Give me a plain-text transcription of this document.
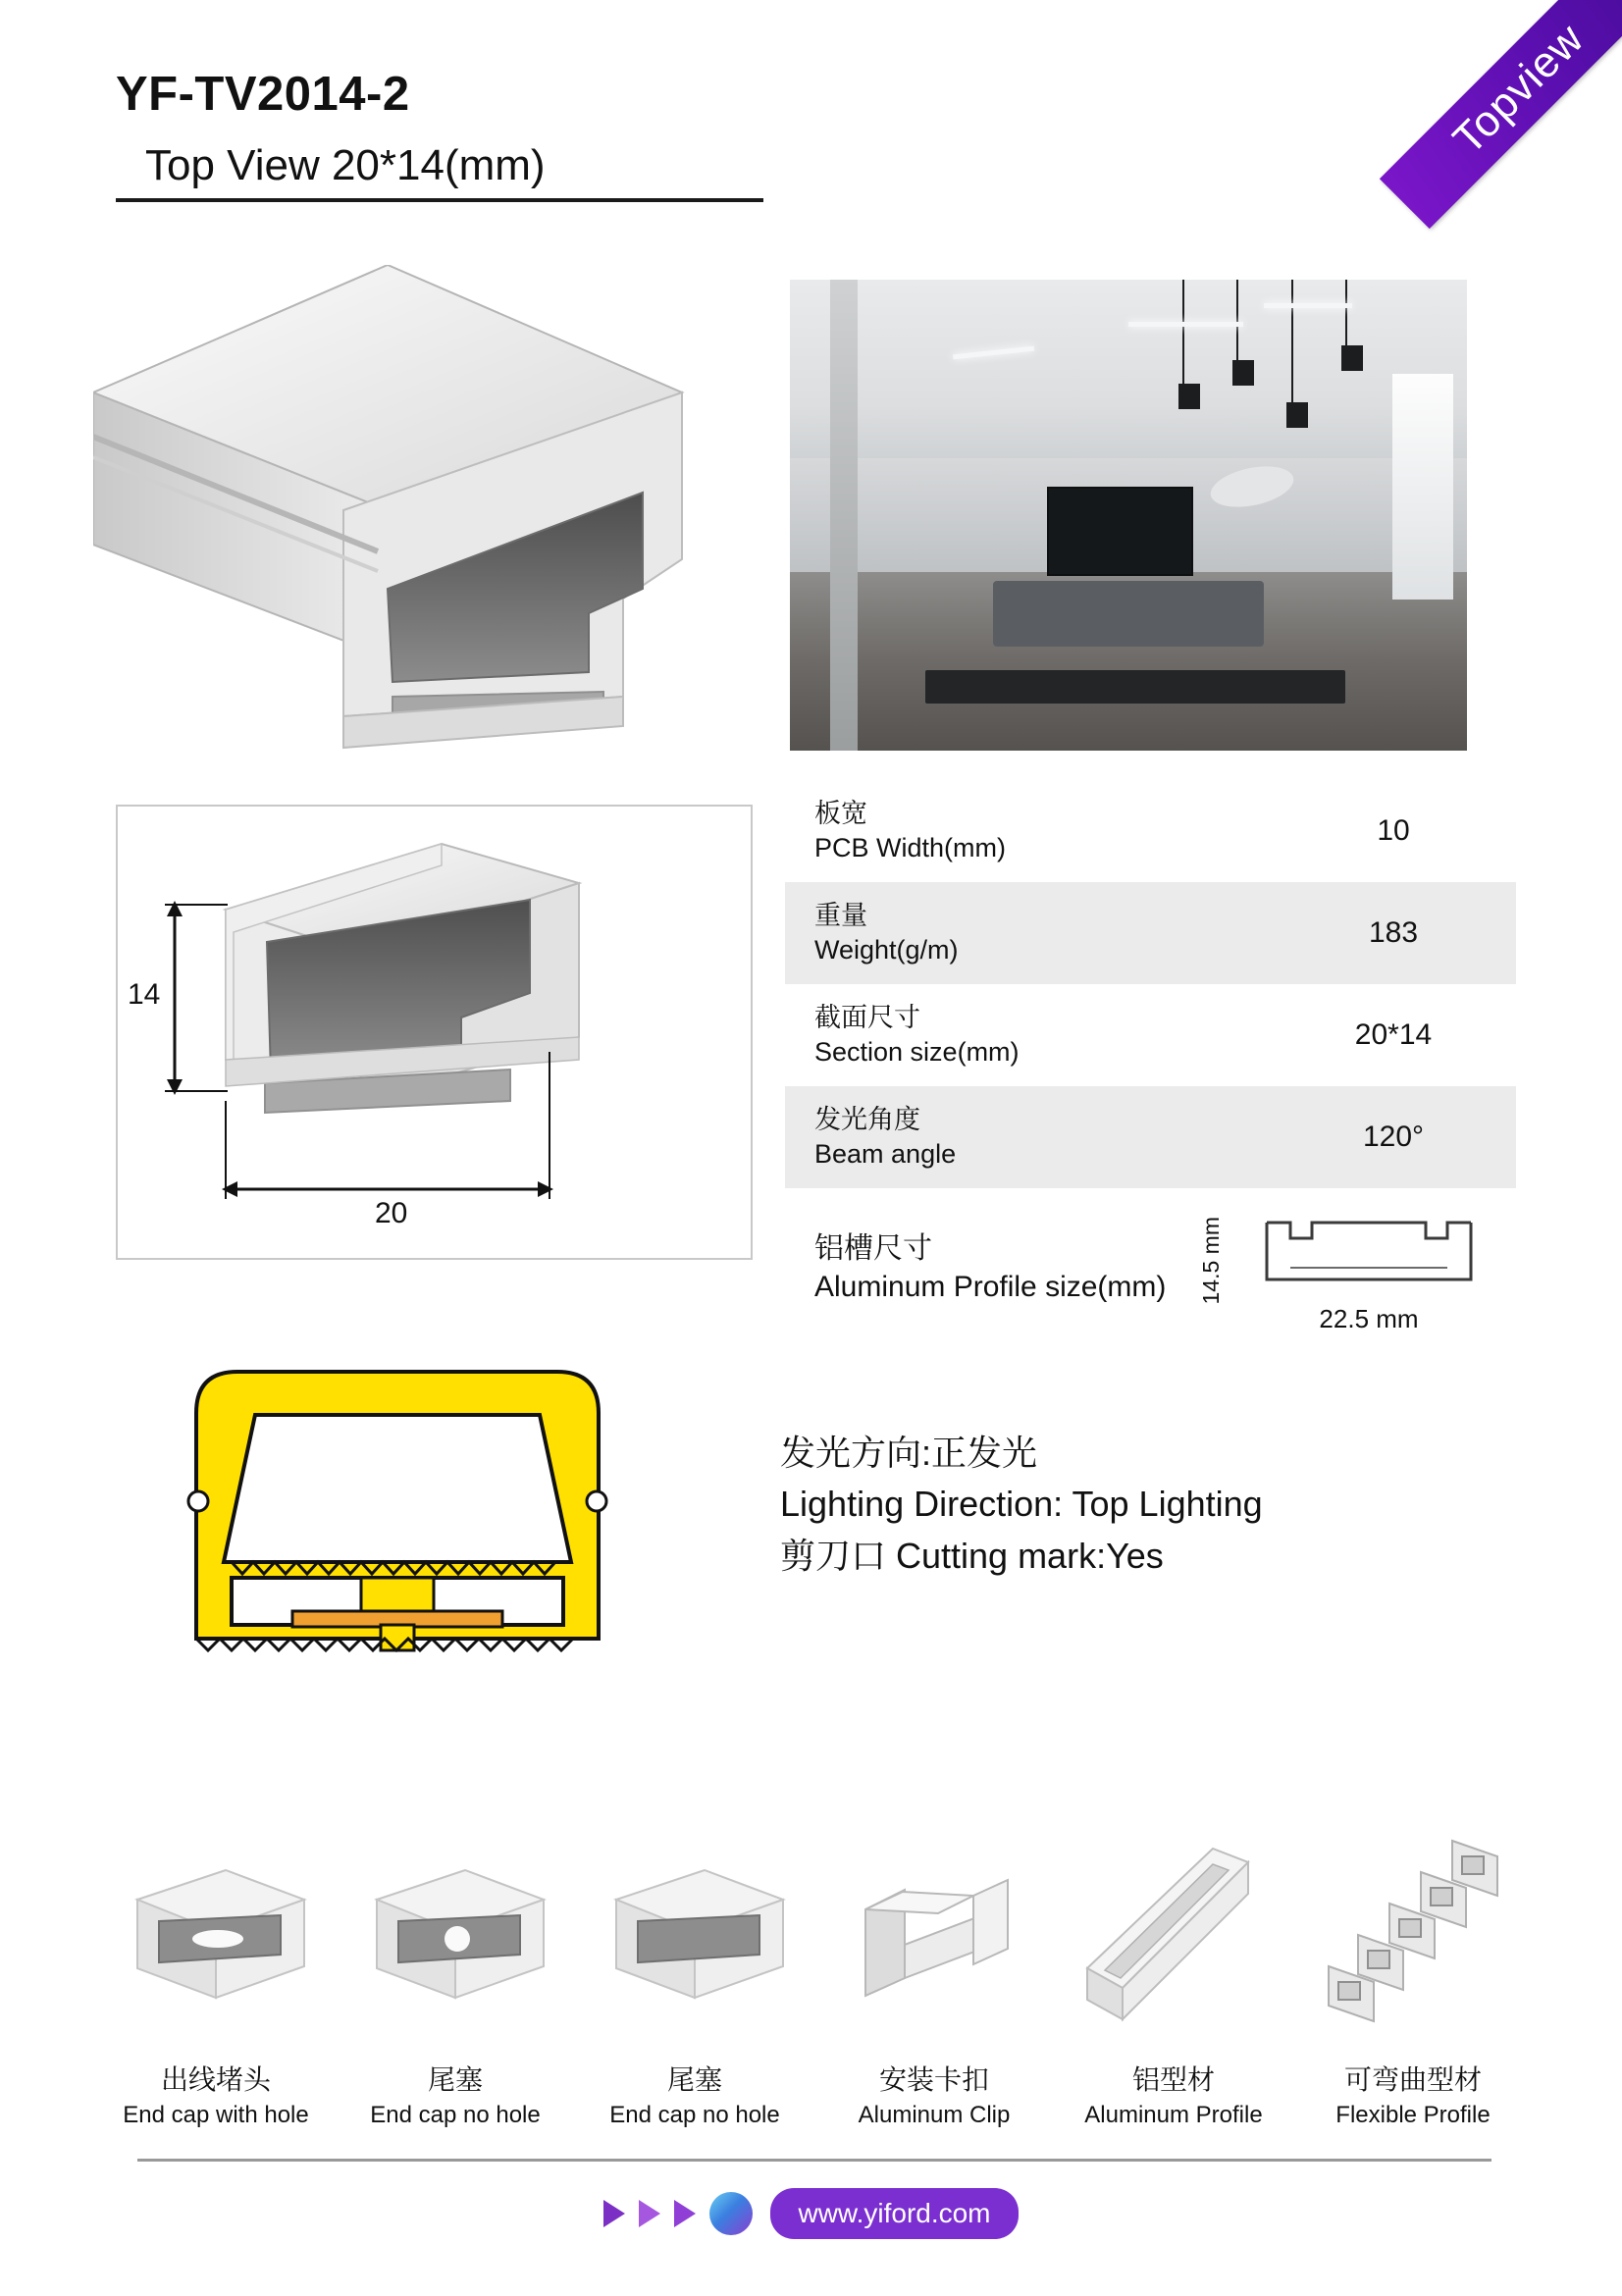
Topview
YF-TV2014-2
Top View 20*14(mm)
14
20
板宽
PCB Width(mm)
10
重量
Weight(g/m)
183
截面尺寸
Section size(mm)
20*14
发光角度
Beam angle
120°
铝槽尺寸
Aluminum Profile size(mm)	14.5 mm
22.5 mm
发光方向:正发光
Lighting Direction: Top Lighting
剪刀口 Cutting mark:Yes
出线堵头
End cap with hole
尾塞
End cap no hole
尾塞
End cap no hole
安装卡扣
Aluminum Clip
铝型材
Aluminum Profile
可弯曲型材
Flexible Profile
www.yiford.com
